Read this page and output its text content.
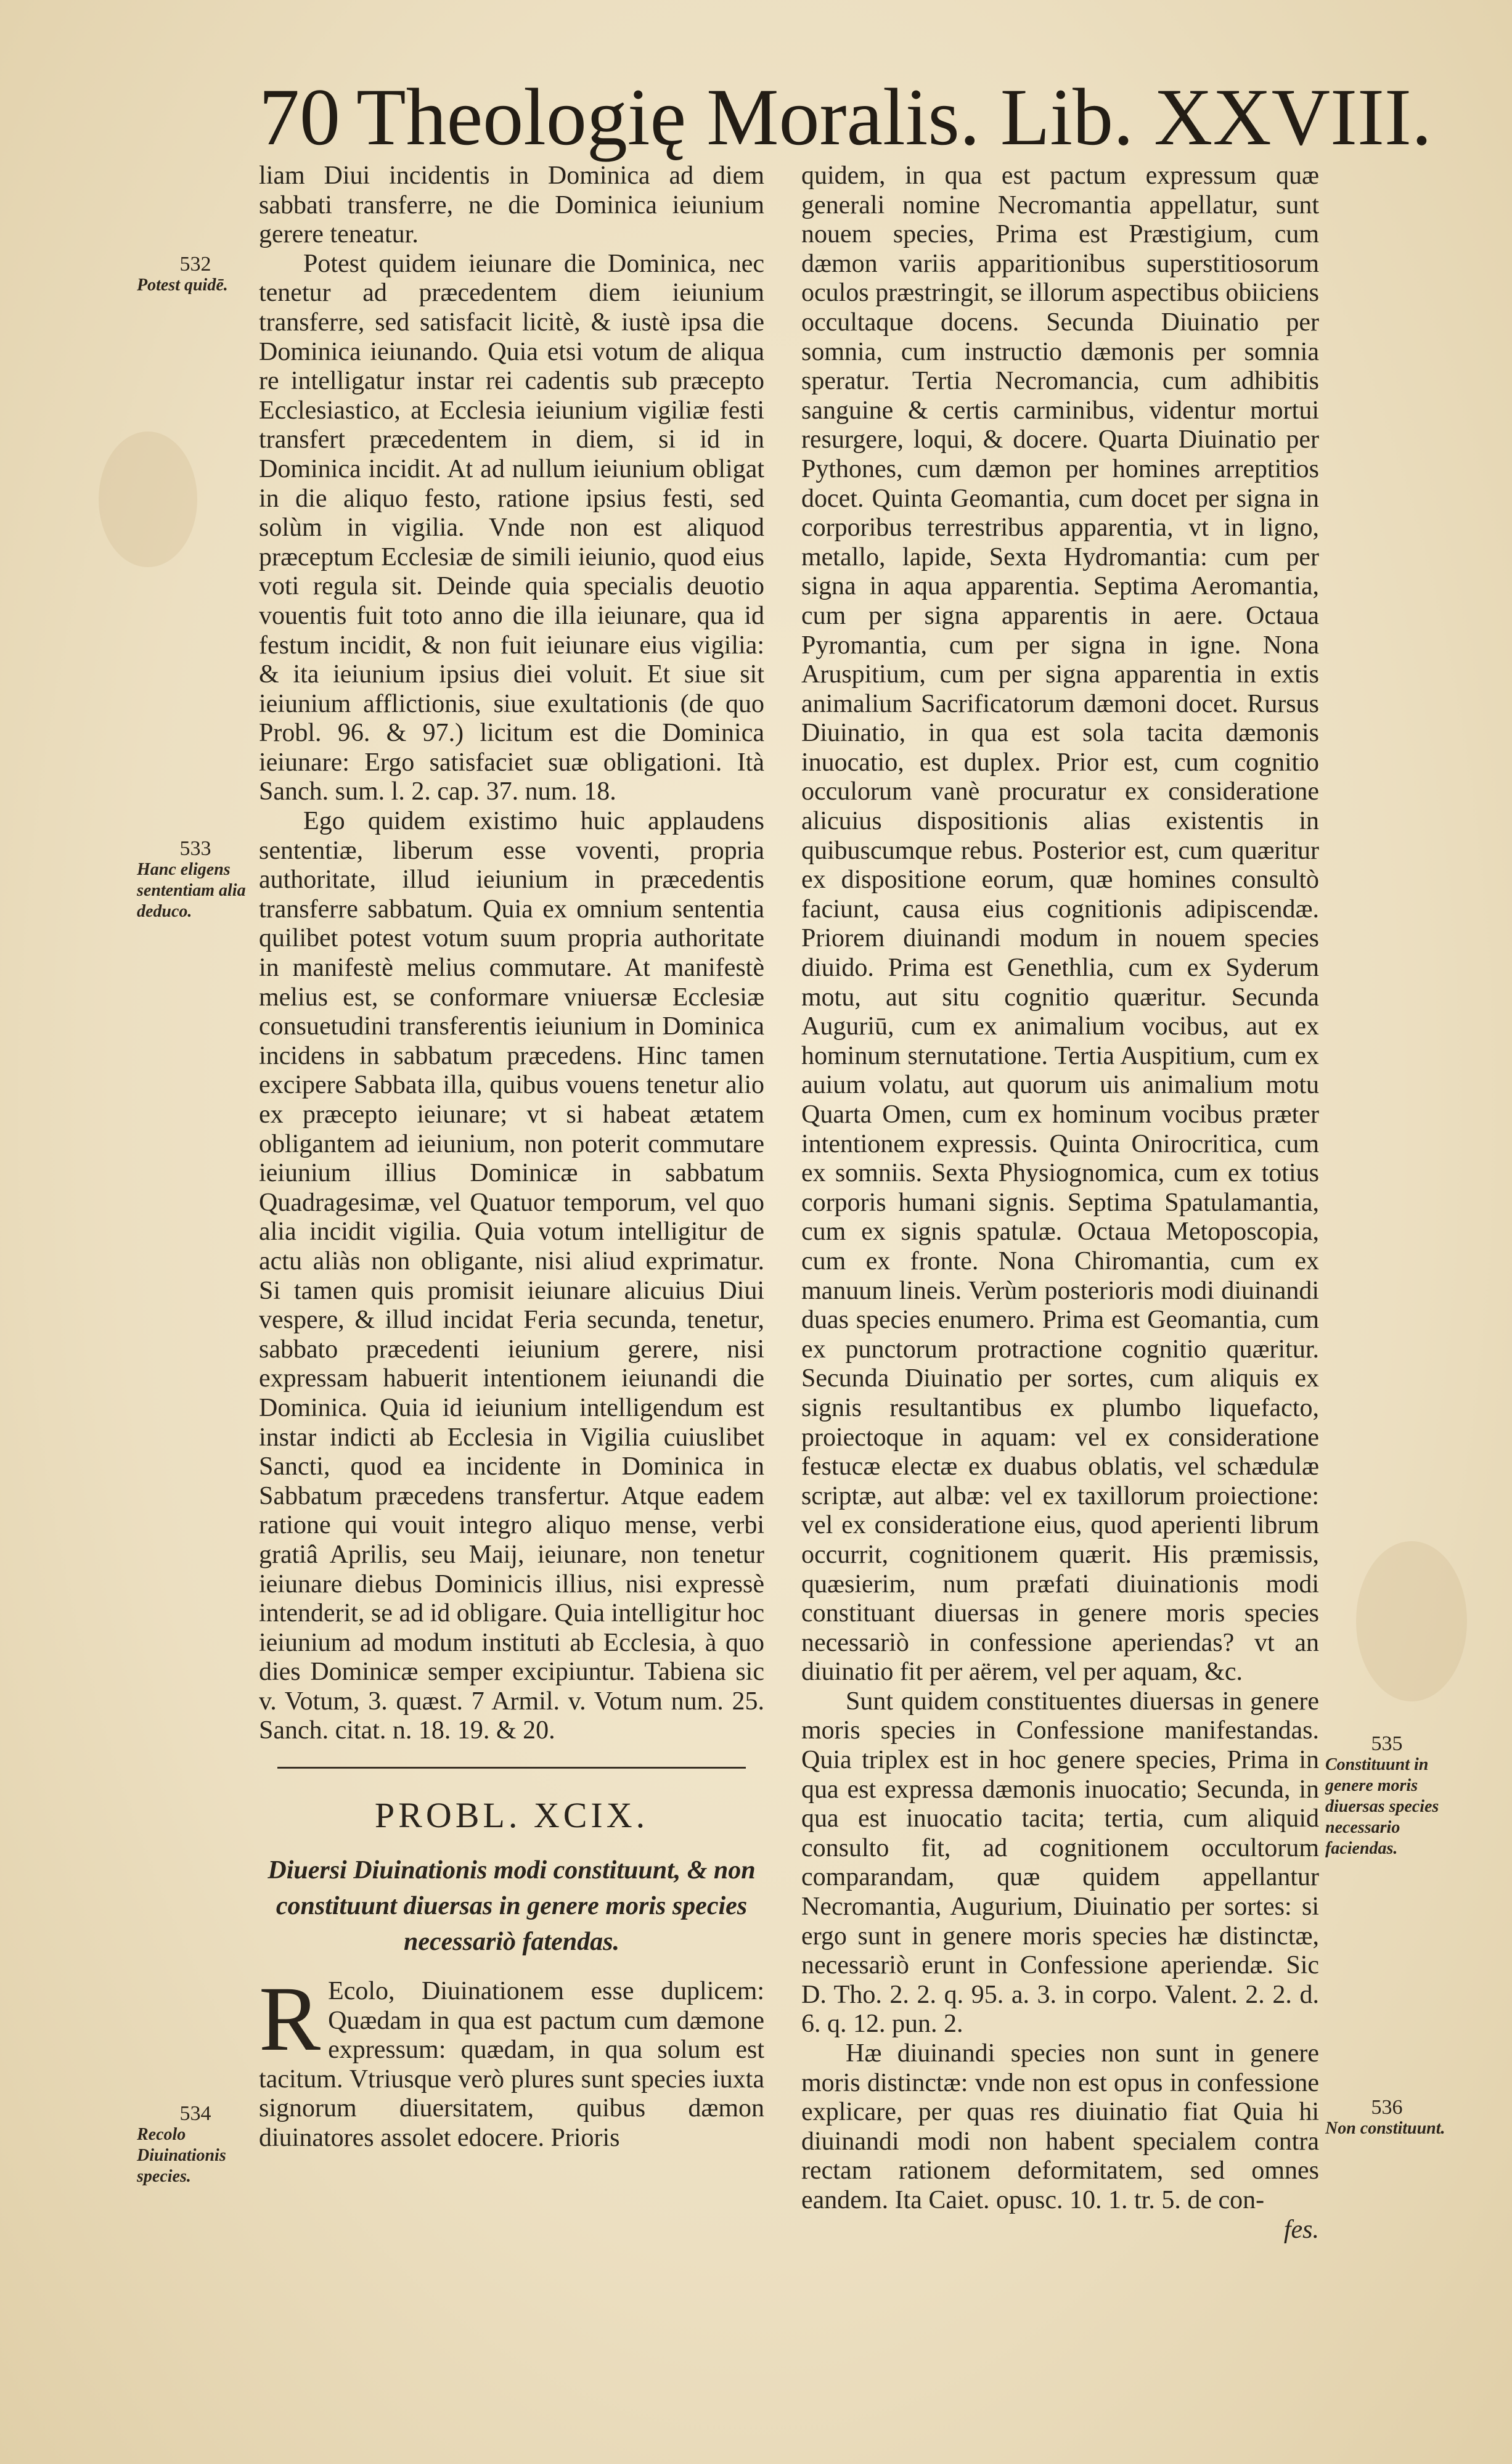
70 Theologię Moralis. Lib. XXVIII.
532
Potest quidē.
533
Hanc eligens sententiam alia deduco.
534
Recolo Diuinationis species.
535
Constituunt in genere moris diuersas species necessario faciendas.
536
Non constituunt.

liam Diui incidentis in Dominica ad diem sabbati transferre, ne die Dominica ieiunium gerere teneatur.

Potest quidem ieiunare die Dominica, nec tenetur ad præcedentem diem ieiunium transferre, sed satisfacit licitè, & iustè ipsa die Dominica ieiunando. Quia etsi votum de aliqua re intelligatur instar rei cadentis sub præcepto Ecclesiastico, at Ecclesia ieiunium vigiliæ festi transfert præcedentem in diem, si id in Dominica incidit. At ad nullum ieiunium obligat in die aliquo festo, ratione ipsius festi, sed solùm in vigilia. Vnde non est aliquod præceptum Ecclesiæ de simili ieiunio, quod eius voti regula sit. Deinde quia specialis deuotio vouentis fuit toto anno die illa ieiunare, qua id festum incidit, & non fuit ieiunare eius vigilia: & ita ieiunium ipsius diei voluit. Et siue sit ieiunium afflictionis, siue exultationis (de quo Probl. 96. & 97.) licitum est die Dominica ieiunare: Ergo satisfaciet suæ obligationi. Ità Sanch. sum. l. 2. cap. 37. num. 18.

Ego quidem existimo huic applaudens sententiæ, liberum esse voventi, propria authoritate, illud ieiunium in præcedentis transferre sabbatum. Quia ex omnium sententia quilibet potest votum suum propria authoritate in manifestè melius commutare. At manifestè melius est, se conformare vniuersæ Ecclesiæ consuetudini transferentis ieiunium in Dominica incidens in sabbatum præcedens. Hinc tamen excipere Sabbata illa, quibus vouens tenetur alio ex præcepto ieiunare; vt si habeat ætatem obligantem ad ieiunium, non poterit commutare ieiunium illius Dominicæ in sabbatum Quadragesimæ, vel Quatuor temporum, vel quo alia incidit vigilia. Quia votum intelligitur de actu aliàs non obligante, nisi aliud exprimatur. Si tamen quis promisit ieiunare alicuius Diui vespere, & illud incidat Feria secunda, tenetur, sabbato præcedenti ieiunium gerere, nisi expressam habuerit intentionem ieiunandi die Dominica. Quia id ieiunium intelligendum est instar indicti ab Ecclesia in Vigilia cuiuslibet Sancti, quod ea incidente in Dominica in Sabbatum præcedens transfertur. Atque eadem ratione qui vouit integro aliquo mense, verbi gratiâ Aprilis, seu Maij, ieiunare, non tenetur ieiunare diebus Dominicis illius, nisi expressè intenderit, se ad id obligare. Quia intelligitur hoc ieiunium ad modum instituti ab Ecclesia, à quo dies Dominicæ semper excipiuntur. Tabiena sic v. Votum, 3. quæst. 7 Armil. v. Votum num. 25. Sanch. citat. n. 18. 19. & 20.

PROBL. XCIX.
Diuersi Diuinationis modi constituunt, & non constituunt diuersas in genere moris species necessariò fatendas.

R Ecolo, Diuinationem esse duplicem: Quædam in qua est pactum cum dæmone expressum: quædam, in qua solum est tacitum. Vtriusque verò plures sunt species iuxta signorum diuersitatem, quibus dæmon diuinatores assolet edocere. Prioris

quidem, in qua est pactum expressum quæ generali nomine Necromantia appellatur, sunt nouem species, Prima est Præstigium, cum dæmon variis apparitionibus superstitiosorum oculos præstringit, se illorum aspectibus obiiciens occultaque docens. Secunda Diuinatio per somnia, cum instructio dæmonis per somnia speratur. Tertia Necromancia, cum adhibitis sanguine & certis carminibus, videntur mortui resurgere, loqui, & docere. Quarta Diuinatio per Pythones, cum dæmon per homines arreptitios docet. Quinta Geomantia, cum docet per signa in corporibus terrestribus apparentia, vt in ligno, metallo, lapide, Sexta Hydromantia: cum per signa in aqua apparentia. Septima Aeromantia, cum per signa apparentis in aere. Octaua Pyromantia, cum per signa in igne. Nona Aruspitium, cum per signa apparentia in extis animalium Sacrificatorum dæmoni docet. Rursus Diuinatio, in qua est sola tacita dæmonis inuocatio, est duplex. Prior est, cum cognitio occulorum vanè procuratur ex consideratione alicuius dispositionis alias existentis in quibuscumque rebus. Posterior est, cum quæritur ex dispositione eorum, quæ homines consultò faciunt, causa eius cognitionis adipiscendæ. Priorem diuinandi modum in nouem species diuido. Prima est Genethlia, cum ex Syderum motu, aut situ cognitio quæritur. Secunda Auguriū, cum ex animalium vocibus, aut ex hominum sternutatione. Tertia Auspitium, cum ex auium volatu, aut quorum uis animalium motu Quarta Omen, cum ex hominum vocibus præter intentionem expressis. Quinta Onirocritica, cum ex somniis. Sexta Physiognomica, cum ex totius corporis humani signis. Septima Spatulamantia, cum ex signis spatulæ. Octaua Metoposcopia, cum ex fronte. Nona Chiromantia, cum ex manuum lineis. Verùm posterioris modi diuinandi duas species enumero. Prima est Geomantia, cum ex punctorum protractione cognitio quæritur. Secunda Diuinatio per sortes, cum aliquis ex signis resultantibus ex plumbo liquefacto, proiectoque in aquam: vel ex consideratione festucæ electæ ex duabus oblatis, vel schædulæ scriptæ, aut albæ: vel ex taxillorum proiectione: vel ex consideratione eius, quod aperienti librum occurrit, cognitionem quærit. His præmissis, quæsierim, num præfati diuinationis modi constituant diuersas in genere moris species necessariò in confessione aperiendas? vt an diuinatio fit per aërem, vel per aquam, &c.

Sunt quidem constituentes diuersas in genere moris species in Confessione manifestandas. Quia triplex est in hoc genere species, Prima in qua est expressa dæmonis inuocatio; Secunda, in qua est inuocatio tacita; tertia, cum aliquid consulto fit, ad cognitionem occultorum comparandam, quæ quidem appellantur Necromantia, Augurium, Diuinatio per sortes: si ergo sunt in genere moris species hæ distinctæ, necessariò erunt in Confessione aperiendæ. Sic D. Tho. 2. 2. q. 95. a. 3. in corpo. Valent. 2. 2. d. 6. q. 12. pun. 2.

Hæ diuinandi species non sunt in genere moris distinctæ: vnde non est opus in confessione explicare, per quas res diuinatio fiat Quia hi diuinandi modi non habent specialem contra rectam rationem deformitatem, sed omnes eandem. Ita Caiet. opusc. 10. 1. tr. 5. de con-

fes.
